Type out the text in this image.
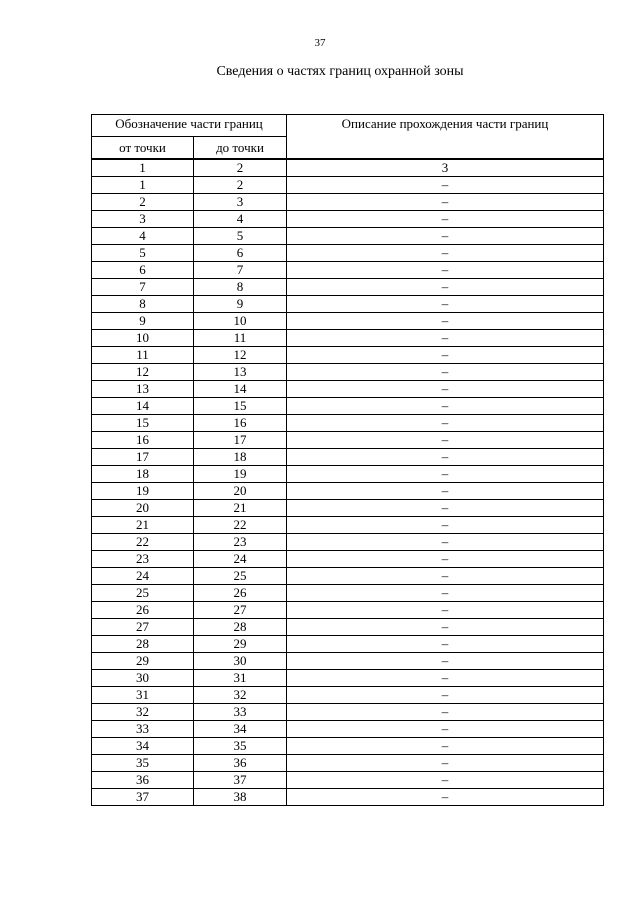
37
Сведения о частях границ охранной зоны
Обозначение части границ		Описание прохождения части границ
от точки	до точки	
1	2	3
1	2	–
2	3	–
3	4	–
4	5	–
5	6	–
6	7	–
7	8	–
8	9	–
9	10	–
10	11	–
11	12	–
12	13	–
13	14	–
14	15	–
15	16	–
16	17	–
17	18	–
18	19	–
19	20	–
20	21	–
21	22	–
22	23	–
23	24	–
24	25	–
25	26	–
26	27	–
27	28	–
28	29	–
29	30	–
30	31	–
31	32	–
32	33	–
33	34	–
34	35	–
35	36	–
36	37	–
37	38	–
